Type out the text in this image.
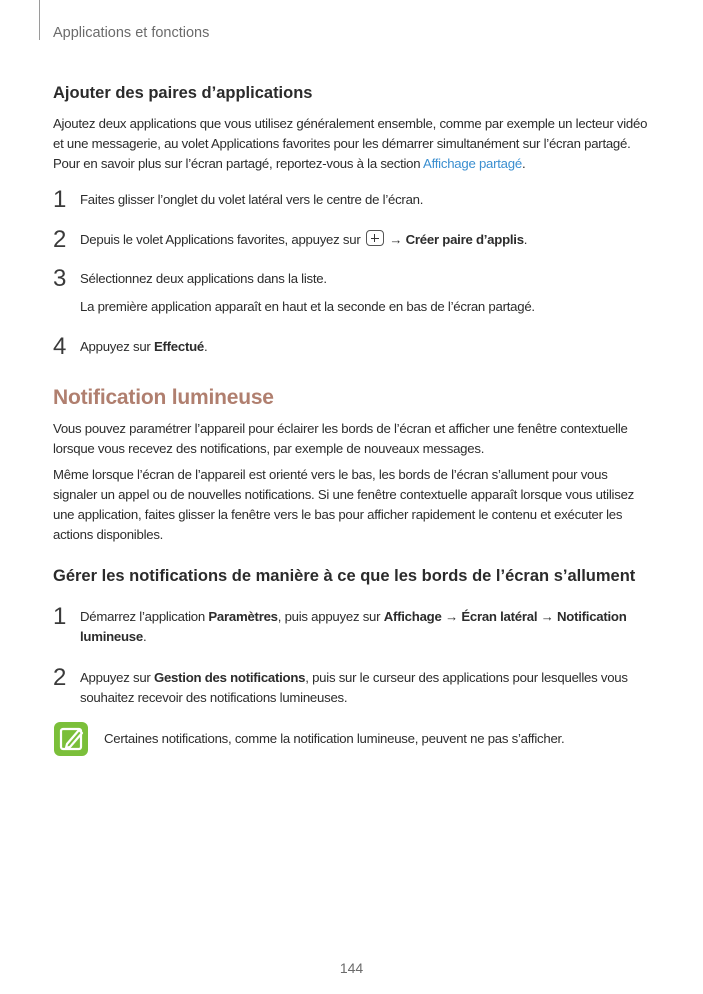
Applications et fonctions
Ajouter des paires d’applications
Ajoutez deux applications que vous utilisez généralement ensemble, comme par exemple un lecteur vidéo et une messagerie, au volet Applications favorites pour les démarrer simultanément sur l’écran partagé. Pour en savoir plus sur l’écran partagé, reportez-vous à la section Affichage partagé.
1 Faites glisser l’onglet du volet latéral vers le centre de l’écran.
2 Depuis le volet Applications favorites, appuyez sur  → Créer paire d’applis.
3 Sélectionnez deux applications dans la liste.
La première application apparaît en haut et la seconde en bas de l’écran partagé.
4 Appuyez sur Effectué.
Notification lumineuse
Vous pouvez paramétrer l’appareil pour éclairer les bords de l’écran et afficher une fenêtre contextuelle lorsque vous recevez des notifications, par exemple de nouveaux messages.
Même lorsque l’écran de l’appareil est orienté vers le bas, les bords de l’écran s’allument pour vous signaler un appel ou de nouvelles notifications. Si une fenêtre contextuelle apparaît lorsque vous utilisez une application, faites glisser la fenêtre vers le bas pour afficher rapidement le contenu et exécuter les actions disponibles.
Gérer les notifications de manière à ce que les bords de l’écran s’allument
1 Démarrez l’application Paramètres, puis appuyez sur Affichage → Écran latéral → Notification lumineuse.
2 Appuyez sur Gestion des notifications, puis sur le curseur des applications pour lesquelles vous souhaitez recevoir des notifications lumineuses.
Certaines notifications, comme la notification lumineuse, peuvent ne pas s’afficher.
144
